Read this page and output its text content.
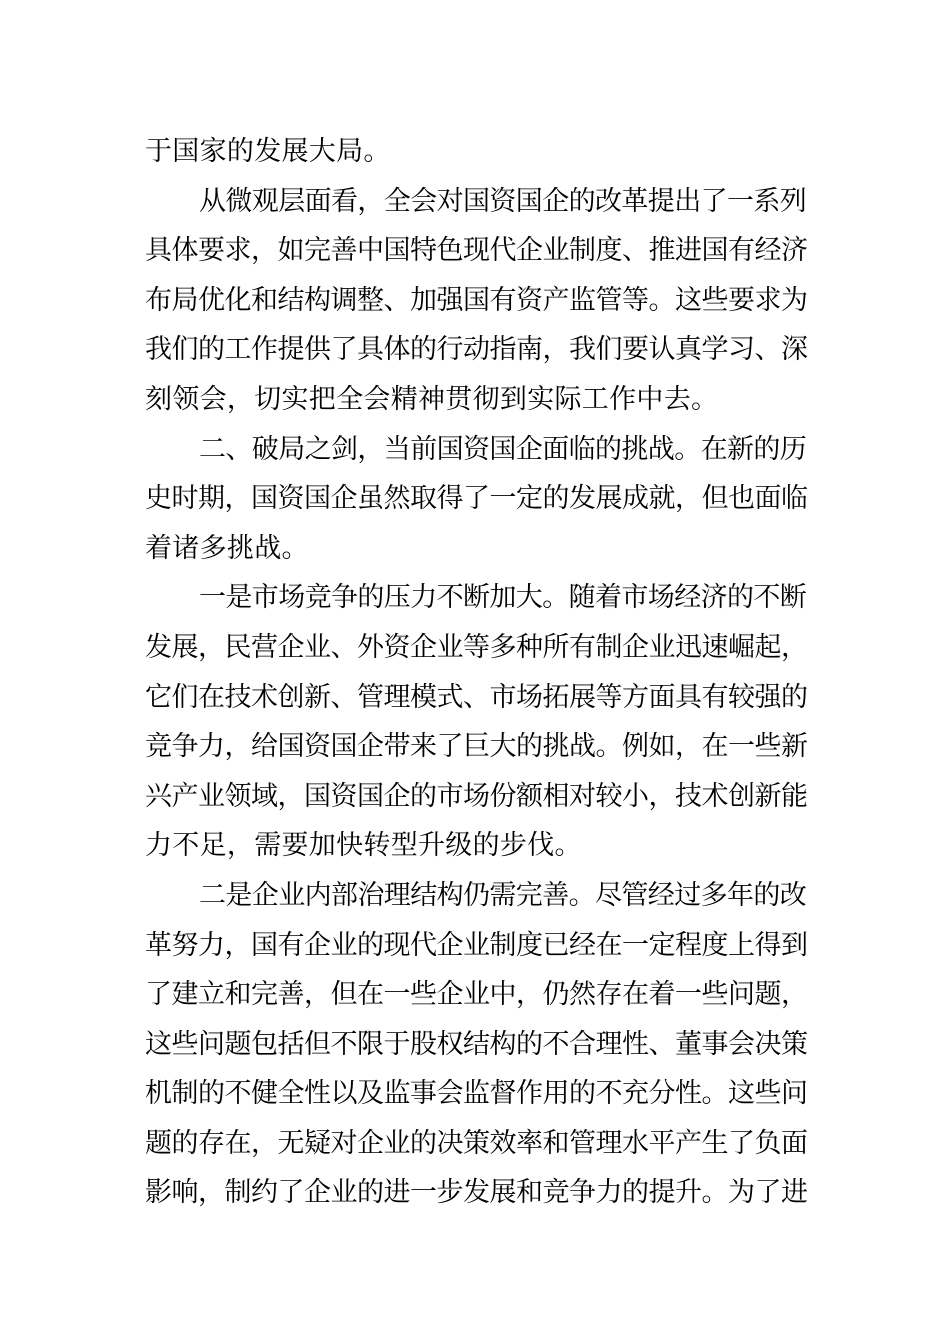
于国家的发展大局。
从微观层面看，全会对国资国企的改革提出了一系列
具体要求，如完善中国特色现代企业制度、推进国有经济
布局优化和结构调整、加强国有资产监管等。这些要求为
我们的工作提供了具体的行动指南，我们要认真学习、深
刻领会，切实把全会精神贯彻到实际工作中去。
二、破局之剑，当前国资国企面临的挑战。在新的历
史时期，国资国企虽然取得了一定的发展成就，但也面临
着诸多挑战。
一是市场竞争的压力不断加大。随着市场经济的不断
发展，民营企业、外资企业等多种所有制企业迅速崛起，
它们在技术创新、管理模式、市场拓展等方面具有较强的
竞争力，给国资国企带来了巨大的挑战。例如，在一些新
兴产业领域，国资国企的市场份额相对较小，技术创新能
力不足，需要加快转型升级的步伐。
二是企业内部治理结构仍需完善。尽管经过多年的改
革努力，国有企业的现代企业制度已经在一定程度上得到
了建立和完善，但在一些企业中，仍然存在着一些问题，
这些问题包括但不限于股权结构的不合理性、董事会决策
机制的不健全性以及监事会监督作用的不充分性。这些问
题的存在，无疑对企业的决策效率和管理水平产生了负面
影响，制约了企业的进一步发展和竞争力的提升。为了进
